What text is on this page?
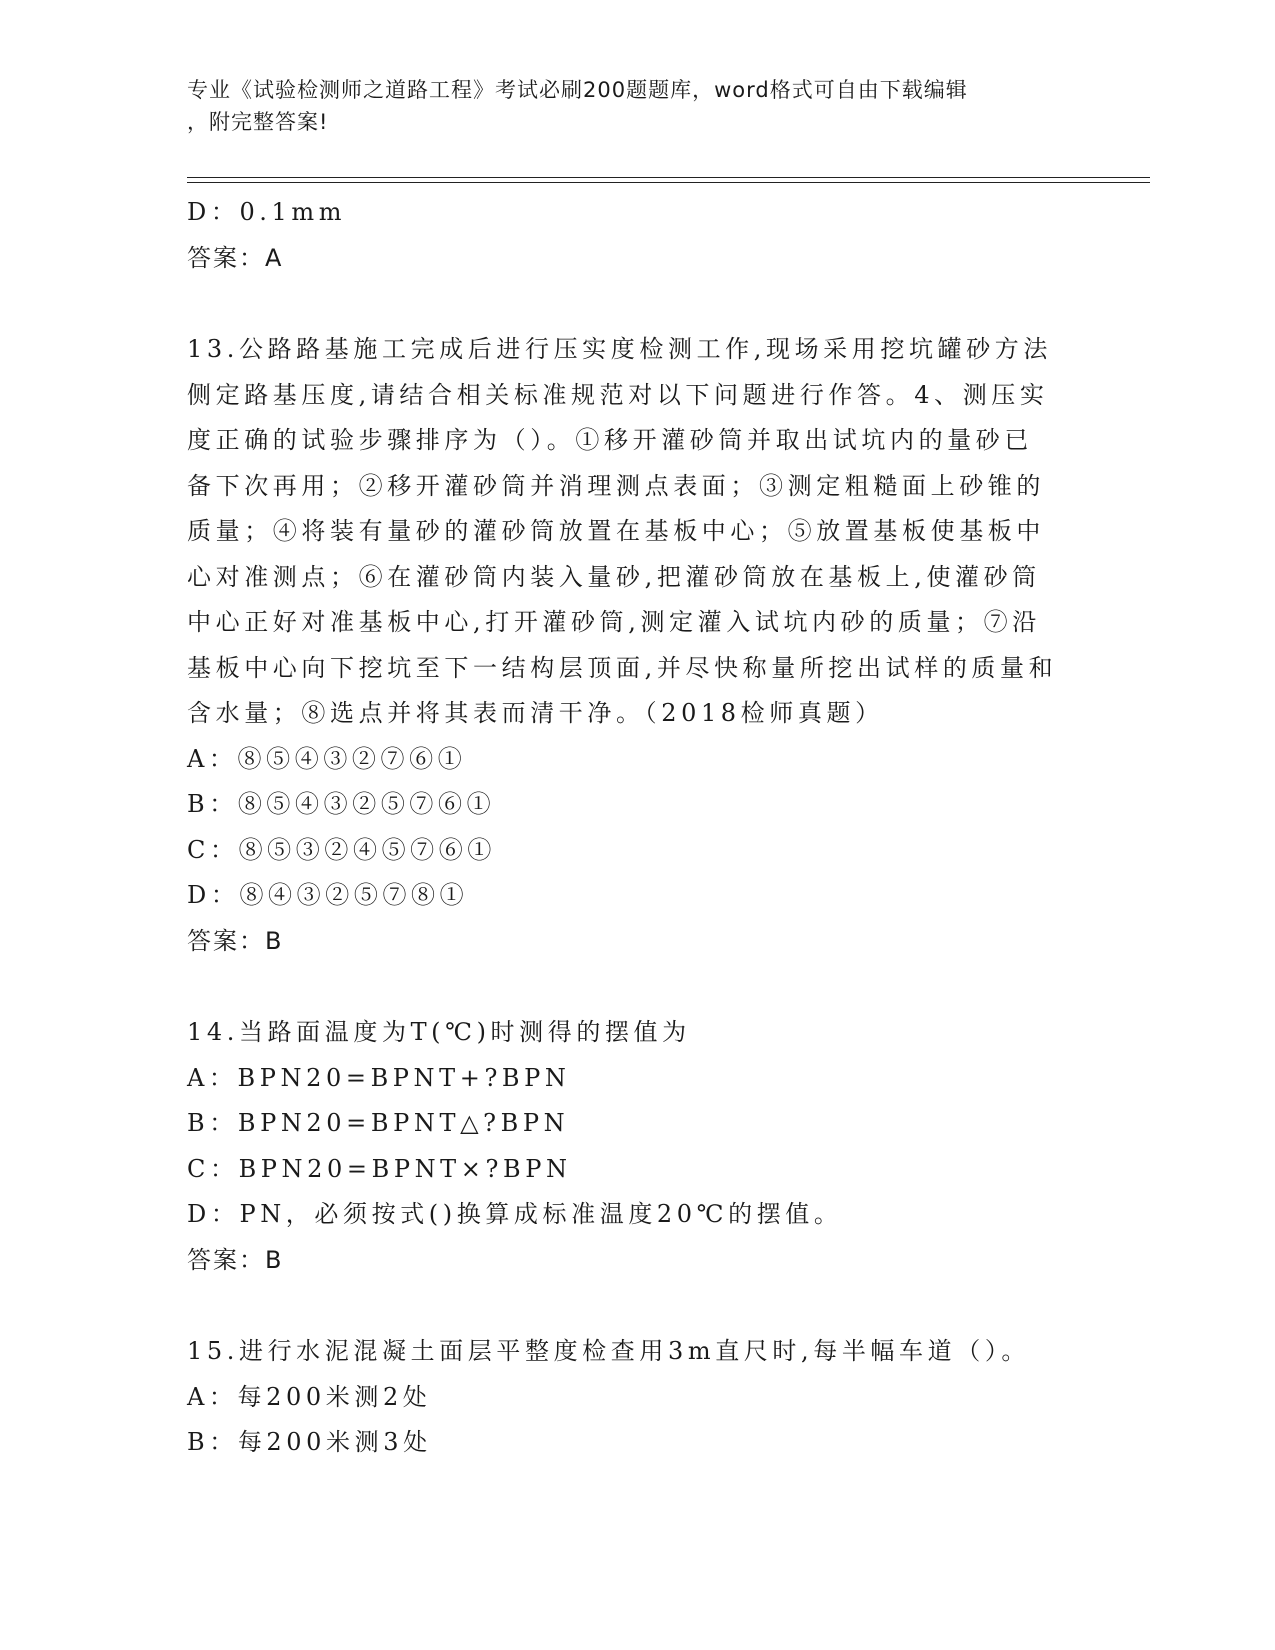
专业《试验检测师之道路工程》考试必刷200题题库，word格式可自由下载编辑
，附完整答案!
D：0.1mm
答案：A
13.公路路基施工完成后进行压实度检测工作,现场采用挖坑罐砂方法
侧定路基压度,请结合相关标准规范对以下问题进行作答。4、测压实
度正确的试验步骤排序为（）。①移开灌砂筒并取出试坑内的量砂已
备下次再用；②移开灌砂筒并消理测点表面；③测定粗糙面上砂锥的
质量；④将装有量砂的灌砂筒放置在基板中心；⑤放置基板使基板中
心对准测点；⑥在灌砂筒内装入量砂,把灌砂筒放在基板上,使灌砂筒
中心正好对准基板中心,打开灌砂筒,测定灌入试坑内砂的质量；⑦沿
基板中心向下挖坑至下一结构层顶面,并尽快称量所挖出试样的质量和
含水量；⑧选点并将其表而清干净。（2018检师真题）
A：⑧⑤④③②⑦⑥①
B：⑧⑤④③②⑤⑦⑥①
C：⑧⑤③②④⑤⑦⑥①
D：⑧④③②⑤⑦⑧①
答案：B
14.当路面温度为T(℃)时测得的摆值为
A：BPN20=BPNT+?BPN
B：BPN20=BPNT△?BPN
C：BPN20=BPNT×?BPN
D：PN，必须按式()换算成标准温度20℃的摆值。
答案：B
15.进行水泥混凝土面层平整度检查用3m直尺时,每半幅车道（）。
A：每200米测2处
B：每200米测3处
